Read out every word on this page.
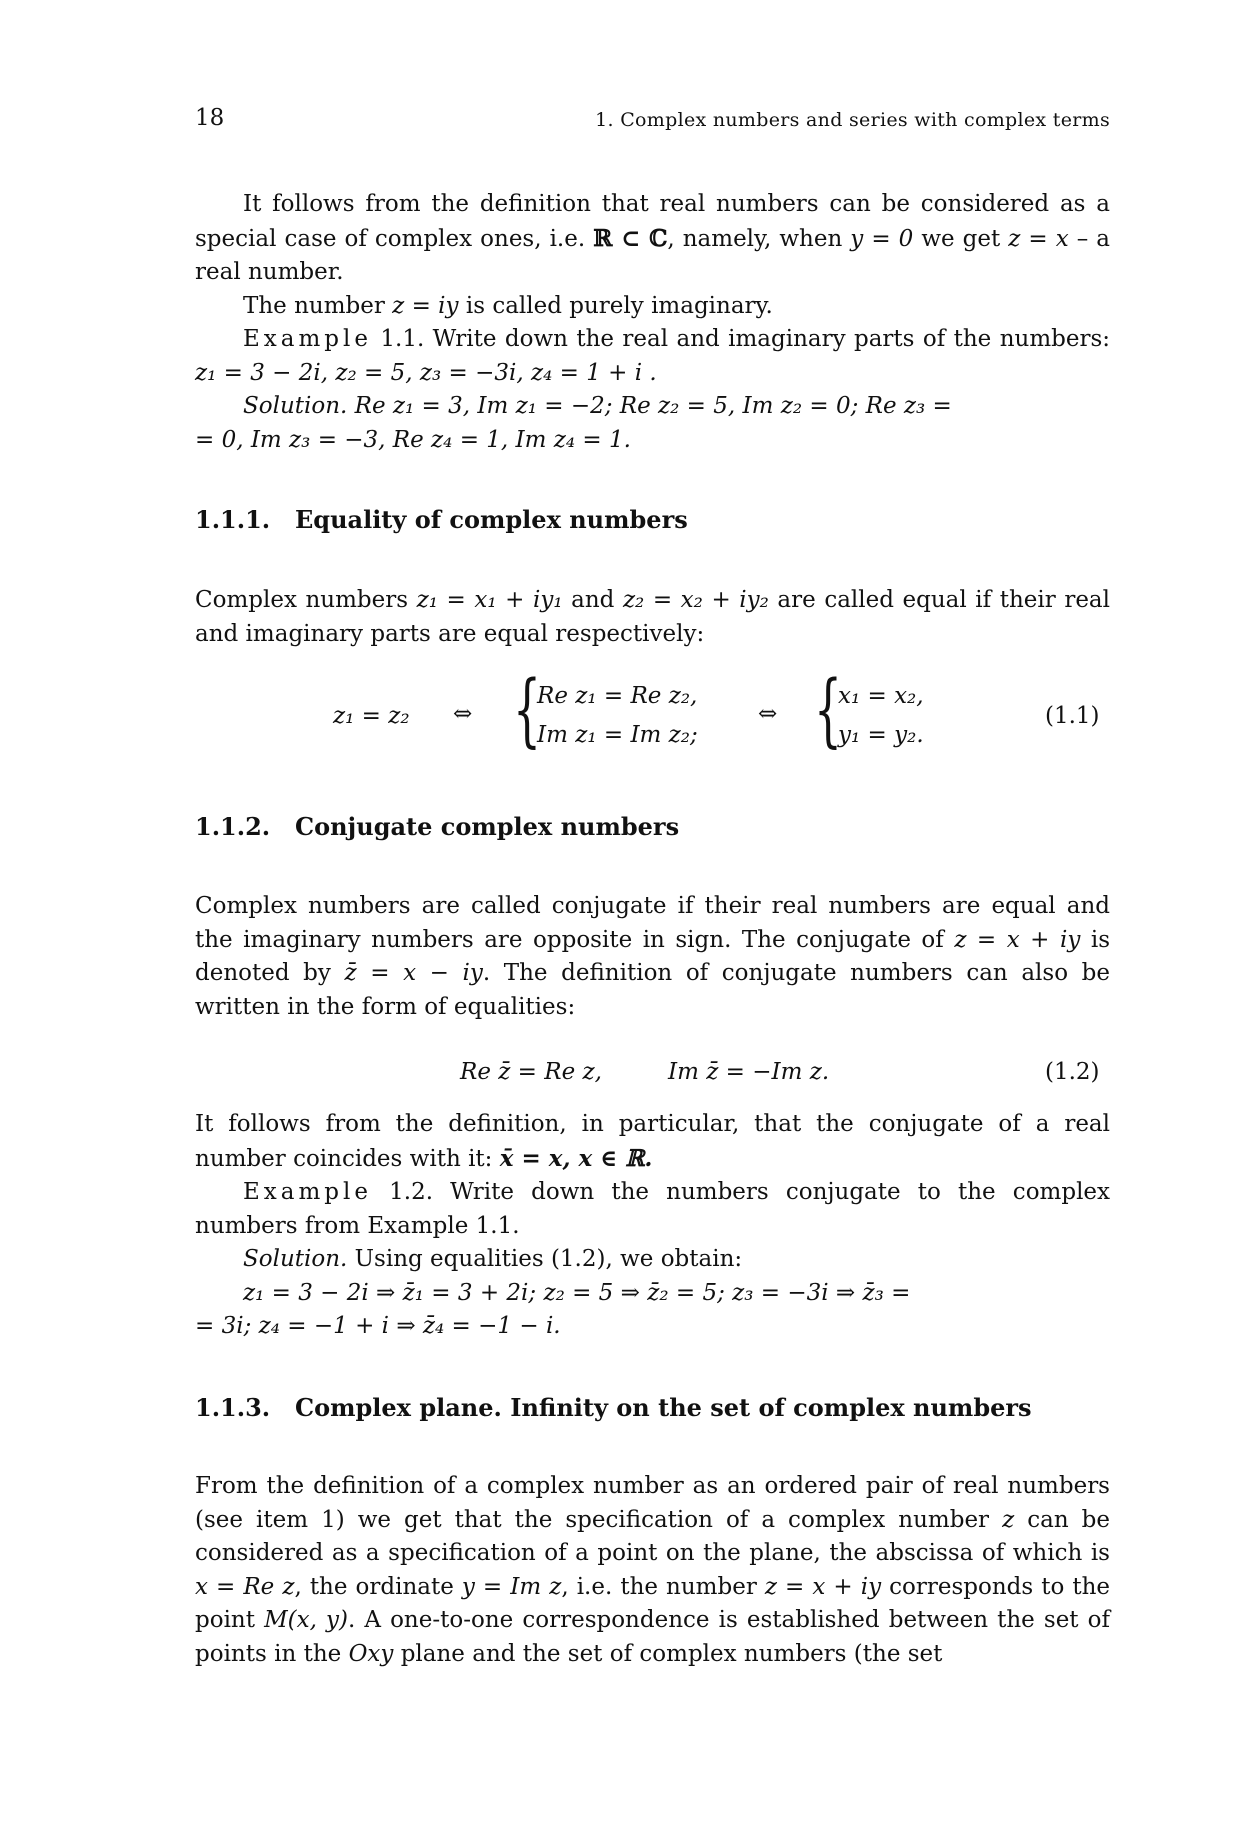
18	1. Complex numbers and series with complex terms

It follows from the definition that real numbers can be considered as a special case of complex ones, i.e. ℝ ⊂ ℂ, namely, when y = 0 we get z = x – a real number.

The number z = iy is called purely imaginary.

Example 1.1. Write down the real and imaginary parts of the numbers: z₁ = 3 − 2i, z₂ = 5, z₃ = −3i, z₄ = 1 + i .

Solution. Re z₁ = 3, Im z₁ = −2; Re z₂ = 5, Im z₂ = 0; Re z₃ =

= 0, Im z₃ = −3, Re z₄ = 1, Im z₄ = 1.

1.1.1. Equality of complex numbers

Complex numbers z₁ = x₁ + iy₁ and z₂ = x₂ + iy₂ are called equal if their real and imaginary parts are equal respectively:

z₁ = z₂ ⇔ {
Re z₁ = Re z₂,
Im z₁ = Im z₂;
⇔ {
x₁ = x₂,
y₁ = y₂.
(1.1)
1.1.2. Conjugate complex numbers

Complex numbers are called conjugate if their real numbers are equal and the imaginary numbers are opposite in sign. The conjugate of z = x + iy is denoted by z̄ = x − iy. The definition of conjugate numbers can also be written in the form of equalities:

Re z̄ = Re z,	Im z̄ = −Im z.	(1.2)

It follows from the definition, in particular, that the conjugate of a real number coincides with it: x̄ = x, x ∈ ℝ.

Example 1.2. Write down the numbers conjugate to the complex numbers from Example 1.1.

Solution. Using equalities (1.2), we obtain:

z₁ = 3 − 2i ⇒ z̄₁ = 3 + 2i; z₂ = 5 ⇒ z̄₂ = 5; z₃ = −3i ⇒ z̄₃ =

= 3i; z₄ = −1 + i ⇒ z̄₄ = −1 − i.

1.1.3. Complex plane. Infinity on the set of complex numbers

From the definition of a complex number as an ordered pair of real numbers (see item 1) we get that the specification of a complex number z can be considered as a specification of a point on the plane, the abscissa of which is x = Re z, the ordinate y = Im z, i.e. the number z = x + iy corresponds to the point M(x, y). A one-to-one correspondence is established between the set of points in the Oxy plane and the set of complex numbers (the set
